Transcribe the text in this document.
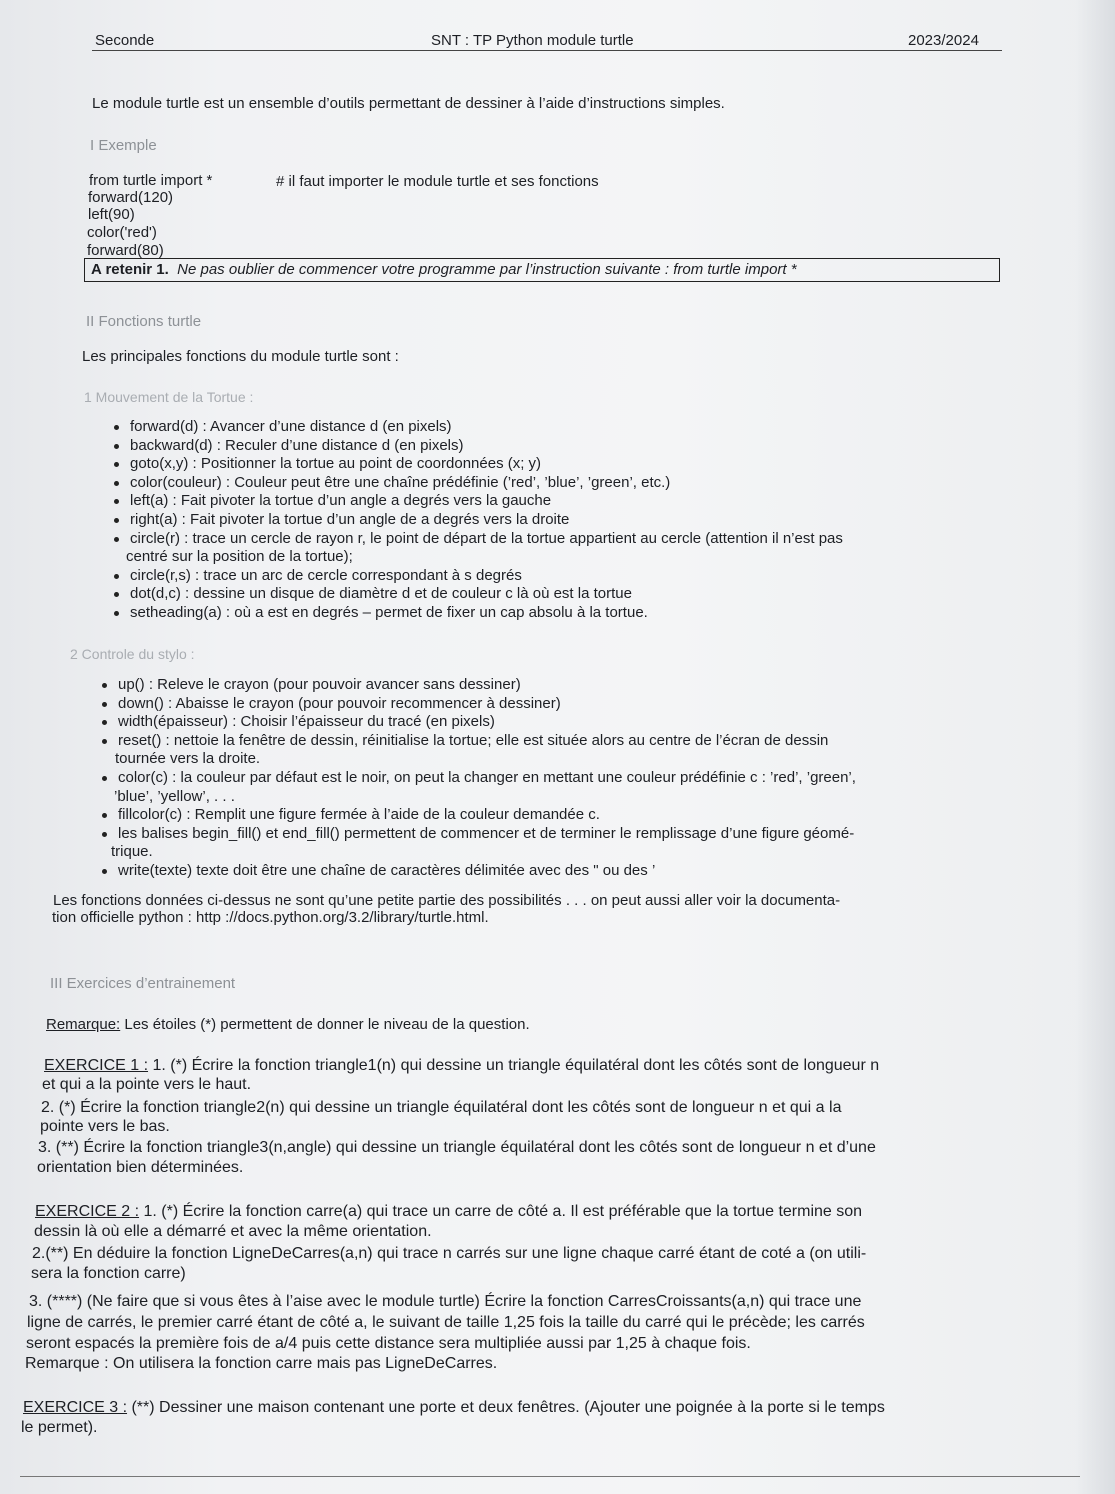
Seconde	SNT : TP Python module turtle	2023/2024
Le module turtle est un ensemble d’outils permettant de dessiner à l’aide d’instructions simples.
I Exemple
from turtle import *	# il faut importer le module turtle et ses fonctions
forward(120)
left(90)
color('red')
forward(80)
A retenir 1. Ne pas oublier de commencer votre programme par l’instruction suivante : from turtle import *
II Fonctions turtle
Les principales fonctions du module turtle sont :
1 Mouvement de la Tortue :
forward(d) : Avancer d’une distance d (en pixels)
backward(d) : Reculer d’une distance d (en pixels)
goto(x,y) : Positionner la tortue au point de coordonnées (x; y)
color(couleur) : Couleur peut être une chaîne prédéfinie (’red’, ’blue’, ’green’, etc.)
left(a) : Fait pivoter la tortue d’un angle a degrés vers la gauche
right(a) : Fait pivoter la tortue d’un angle de a degrés vers la droite
circle(r) : trace un cercle de rayon r, le point de départ de la tortue appartient au cercle (attention il n’est pas
centré sur la position de la tortue);
circle(r,s) : trace un arc de cercle correspondant à s degrés
dot(d,c) : dessine un disque de diamètre d et de couleur c là où est la tortue
setheading(a) : où a est en degrés – permet de fixer un cap absolu à la tortue.
2 Controle du stylo :
up() : Releve le crayon (pour pouvoir avancer sans dessiner)
down() : Abaisse le crayon (pour pouvoir recommencer à dessiner)
width(épaisseur) : Choisir l’épaisseur du tracé (en pixels)
reset() : nettoie la fenêtre de dessin, réinitialise la tortue; elle est située alors au centre de l’écran de dessin
tournée vers la droite.
color(c) : la couleur par défaut est le noir, on peut la changer en mettant une couleur prédéfinie c : ’red’, ’green’,
’blue’, ’yellow’, . . .
fillcolor(c) : Remplit une figure fermée à l’aide de la couleur demandée c.
les balises begin_fill() et end_fill() permettent de commencer et de terminer le remplissage d’une figure géomé-
trique.
write(texte) texte doit être une chaîne de caractères délimitée avec des " ou des ’
Les fonctions données ci-dessus ne sont qu’une petite partie des possibilités . . . on peut aussi aller voir la documenta-
tion officielle python : http ://docs.python.org/3.2/library/turtle.html.
III Exercices d’entrainement
Remarque: Les étoiles (*) permettent de donner le niveau de la question.
EXERCICE 1 : 1. (*) Écrire la fonction triangle1(n) qui dessine un triangle équilatéral dont les côtés sont de longueur n
et qui a la pointe vers le haut.
2. (*) Écrire la fonction triangle2(n) qui dessine un triangle équilatéral dont les côtés sont de longueur n et qui a la
pointe vers le bas.
3. (**) Écrire la fonction triangle3(n,angle) qui dessine un triangle équilatéral dont les côtés sont de longueur n et d’une
orientation bien déterminées.
EXERCICE 2 : 1. (*) Écrire la fonction carre(a) qui trace un carre de côté a. Il est préférable que la tortue termine son
dessin là où elle a démarré et avec la même orientation.
2.(**) En déduire la fonction LigneDeCarres(a,n) qui trace n carrés sur une ligne chaque carré étant de coté a (on utili-
sera la fonction carre)
3. (****) (Ne faire que si vous êtes à l’aise avec le module turtle) Écrire la fonction CarresCroissants(a,n) qui trace une
ligne de carrés, le premier carré étant de côté a, le suivant de taille 1,25 fois la taille du carré qui le précède; les carrés
seront espacés la première fois de a/4 puis cette distance sera multipliée aussi par 1,25 à chaque fois.
Remarque : On utilisera la fonction carre mais pas LigneDeCarres.
EXERCICE 3 : (**) Dessiner une maison contenant une porte et deux fenêtres. (Ajouter une poignée à la porte si le temps
le permet).
